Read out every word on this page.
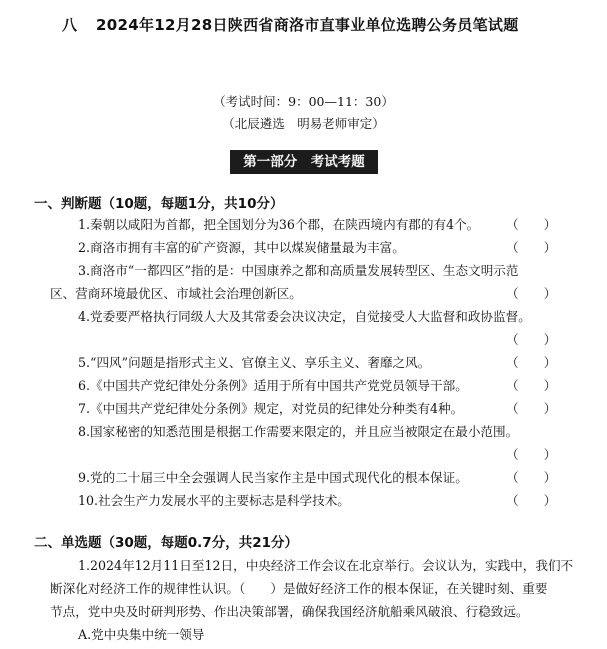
八 2024年12月28日陕西省商洛市直事业单位选聘公务员笔试题
（考试时间：9：00—11：30）
（北辰遴选　明易老师审定）
第一部分　考试考题
一、判断题（10题，每题1分，共10分）
1.秦朝以咸阳为首都，把全国划分为36个郡，在陕西境内有郡的有4个。 （　　）
2.商洛市拥有丰富的矿产资源，其中以煤炭储量最为丰富。	（　　）
3.商洛市“一都四区”指的是：中国康养之都和高质量发展转型区、生态文明示范
区、营商环境最优区、市域社会治理创新区。	（　　）
4.党委要严格执行同级人大及其常委会决议决定，自觉接受人大监督和政协监督。
（　　）
5.“四风”问题是指形式主义、官僚主义、享乐主义、奢靡之风。	（　　）
6.《中国共产党纪律处分条例》适用于所有中国共产党党员领导干部。	（　　）
7.《中国共产党纪律处分条例》规定，对党员的纪律处分种类有4种。	（　　）
8.国家秘密的知悉范围是根据工作需要来限定的，并且应当被限定在最小范围。
（　　）
9.党的二十届三中全会强调人民当家作主是中国式现代化的根本保证。	（　　）
10.社会生产力发展水平的主要标志是科学技术。	（　　）
二、单选题（30题，每题0.7分，共21分）
1.2024年12月11日至12日，中央经济工作会议在北京举行。会议认为，实践中，我们不
断深化对经济工作的规律性认识。（　　）是做好经济工作的根本保证，在关键时刻、重要
节点，党中央及时研判形势、作出决策部署，确保我国经济航船乘风破浪、行稳致远。
A.党中央集中统一领导
